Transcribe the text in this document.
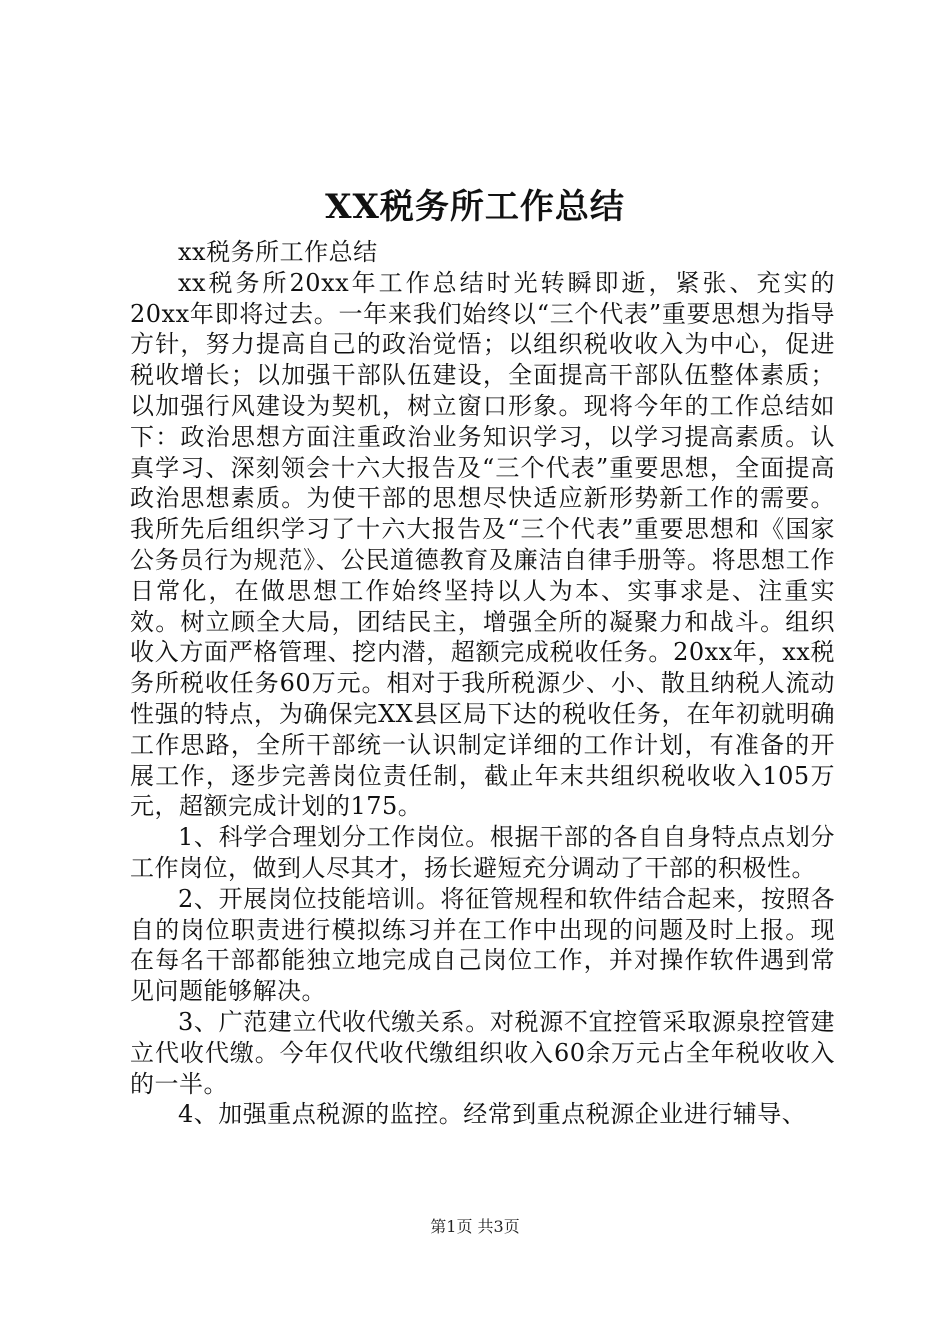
XX税务所工作总结

xx税务所工作总结

xx税务所20xx年工作总结时光转瞬即逝，紧张、充实的20xx年即将过去。一年来我们始终以“三个代表”重要思想为指导方针，努力提高自己的政治觉悟；以组织税收收入为中心，促进税收增长；以加强干部队伍建设，全面提高干部队伍整体素质；以加强行风建设为契机，树立窗口形象。现将今年的工作总结如下：政治思想方面注重政治业务知识学习，以学习提高素质。认真学习、深刻领会十六大报告及“三个代表”重要思想，全面提高政治思想素质。为使干部的思想尽快适应新形势新工作的需要。我所先后组织学习了十六大报告及“三个代表”重要思想和《国家公务员行为规范》、公民道德教育及廉洁自律手册等。将思想工作日常化，在做思想工作始终坚持以人为本、实事求是、注重实效。树立顾全大局，团结民主，增强全所的凝聚力和战斗。组织收入方面严格管理、挖内潜，超额完成税收任务。20xx年，xx税务所税收任务60万元。相对于我所税源少、小、散且纳税人流动性强的特点，为确保完XX县区局下达的税收任务，在年初就明确工作思路，全所干部统一认识制定详细的工作计划，有准备的开展工作，逐步完善岗位责任制，截止年末共组织税收收入105万元，超额完成计划的175。

1、科学合理划分工作岗位。根据干部的各自自身特点点划分工作岗位，做到人尽其才，扬长避短充分调动了干部的积极性。

2、开展岗位技能培训。将征管规程和软件结合起来，按照各自的岗位职责进行模拟练习并在工作中出现的问题及时上报。现在每名干部都能独立地完成自己岗位工作，并对操作软件遇到常见问题能够解决。

3、广范建立代收代缴关系。对税源不宜控管采取源泉控管建立代收代缴。今年仅代收代缴组织收入60余万元占全年税收收入的一半。

4、加强重点税源的监控。经常到重点税源企业进行辅导、

第1页 共3页
